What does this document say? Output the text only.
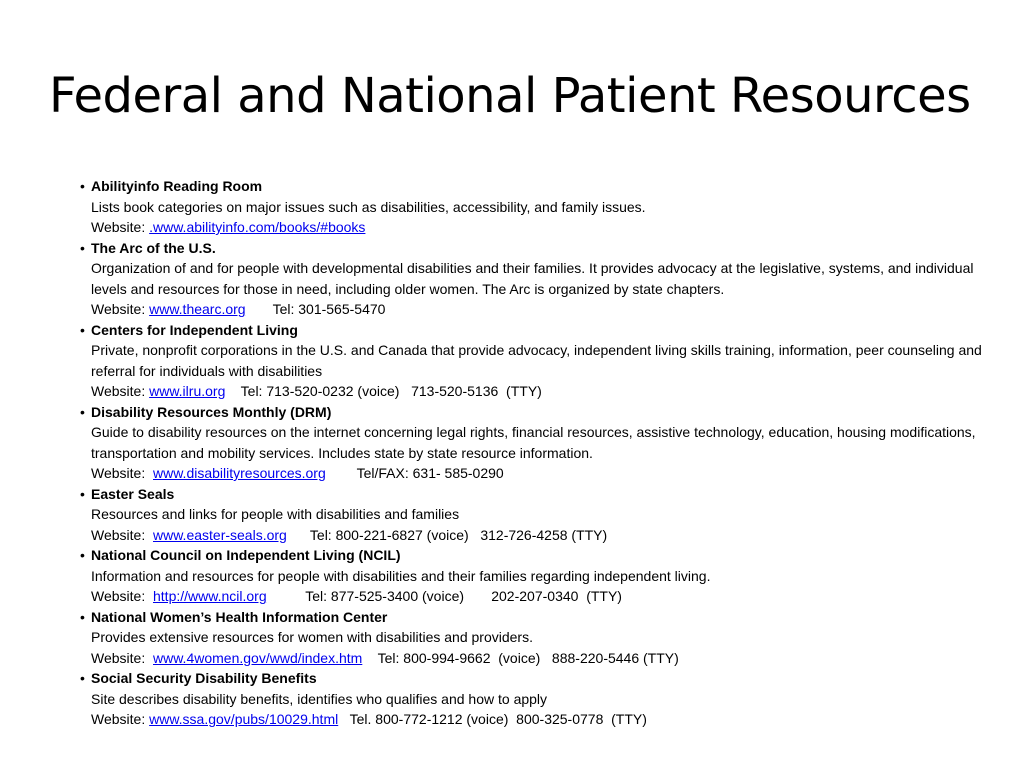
Federal and National Patient Resources
• Abilityinfo Reading Room
Lists book categories on major issues such as disabilities, accessibility, and family issues.
Website: .www.abilityinfo.com/books/#books
• The Arc of the U.S.
Organization of and for people with developmental disabilities and their families. It provides advocacy at the legislative, systems, and individual levels and resources for those in need, including older women. The Arc is organized by state chapters.
Website: www.thearc.org       Tel: 301-565-5470
• Centers for Independent Living
Private, nonprofit corporations in the U.S. and Canada that provide advocacy, independent living skills training, information, peer counseling and referral for individuals with disabilities
Website: www.ilru.org    Tel: 713-520-0232 (voice)   713-520-5136  (TTY)
• Disability Resources Monthly (DRM)
Guide to disability resources on the internet concerning legal rights, financial resources, assistive technology, education, housing modifications, transportation and mobility services. Includes state by state resource information.
Website:  www.disabilityresources.org        Tel/FAX: 631- 585-0290
• Easter Seals
Resources and links for people with disabilities and families
Website:  www.easter-seals.org      Tel: 800-221-6827 (voice)   312-726-4258 (TTY)
• National Council on Independent Living (NCIL)
Information and resources for people with disabilities and their families regarding independent living.
Website:  http://www.ncil.org          Tel: 877-525-3400 (voice)       202-207-0340  (TTY)
• National Women’s Health Information Center
Provides extensive resources for women with disabilities and providers.
Website:  www.4women.gov/wwd/index.htm    Tel: 800-994-9662  (voice)   888-220-5446 (TTY)
• Social Security Disability Benefits
Site describes disability benefits, identifies who qualifies and how to apply
Website: www.ssa.gov/pubs/10029.html   Tel. 800-772-1212 (voice)  800-325-0778  (TTY)
